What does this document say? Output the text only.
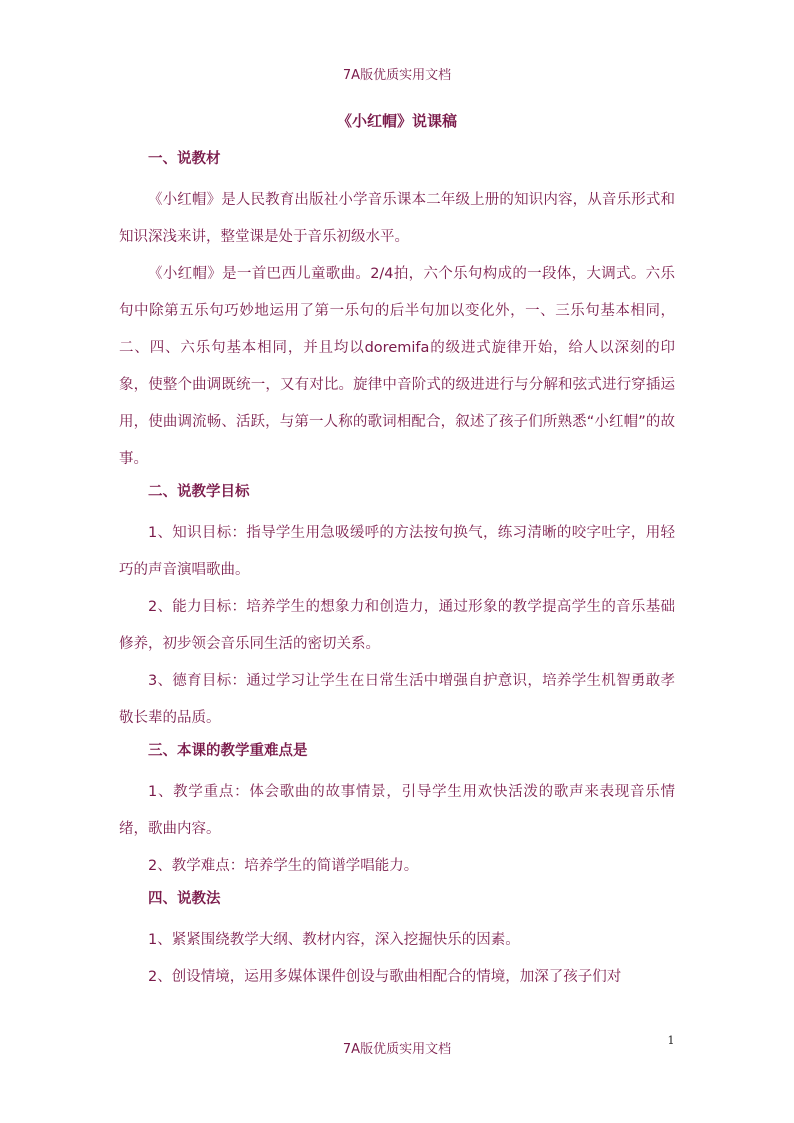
7A版优质实用文档
《小红帽》说课稿

一、说教材

《小红帽》是人民教育出版社小学音乐课本二年级上册的知识内容，从音乐形式和知识深浅来讲，整堂课是处于音乐初级水平。

《小红帽》是一首巴西儿童歌曲。2/4拍，六个乐句构成的一段体，大调式。六乐句中除第五乐句巧妙地运用了第一乐句的后半句加以变化外，一、三乐句基本相同，二、四、六乐句基本相同，并且均以doremifa的级进式旋律开始，给人以深刻的印象，使整个曲调既统一，又有对比。旋律中音阶式的级进进行与分解和弦式进行穿插运用，使曲调流畅、活跃，与第一人称的歌词相配合，叙述了孩子们所熟悉“小红帽”的故事。

二、说教学目标

1、知识目标：指导学生用急吸缓呼的方法按句换气，练习清晰的咬字吐字，用轻巧的声音演唱歌曲。

2、能力目标：培养学生的想象力和创造力，通过形象的教学提高学生的音乐基础修养，初步领会音乐同生活的密切关系。

3、德育目标：通过学习让学生在日常生活中增强自护意识，培养学生机智勇敢孝敬长辈的品质。

三、本课的教学重难点是

1、教学重点：体会歌曲的故事情景，引导学生用欢快活泼的歌声来表现音乐情绪，歌曲内容。

2、教学难点：培养学生的简谱学唱能力。

四、说教法

1、紧紧围绕教学大纲、教材内容，深入挖掘快乐的因素。

2、创设情境，运用多媒体课件创设与歌曲相配合的情境，加深了孩子们对

7A版优质实用文档
1
